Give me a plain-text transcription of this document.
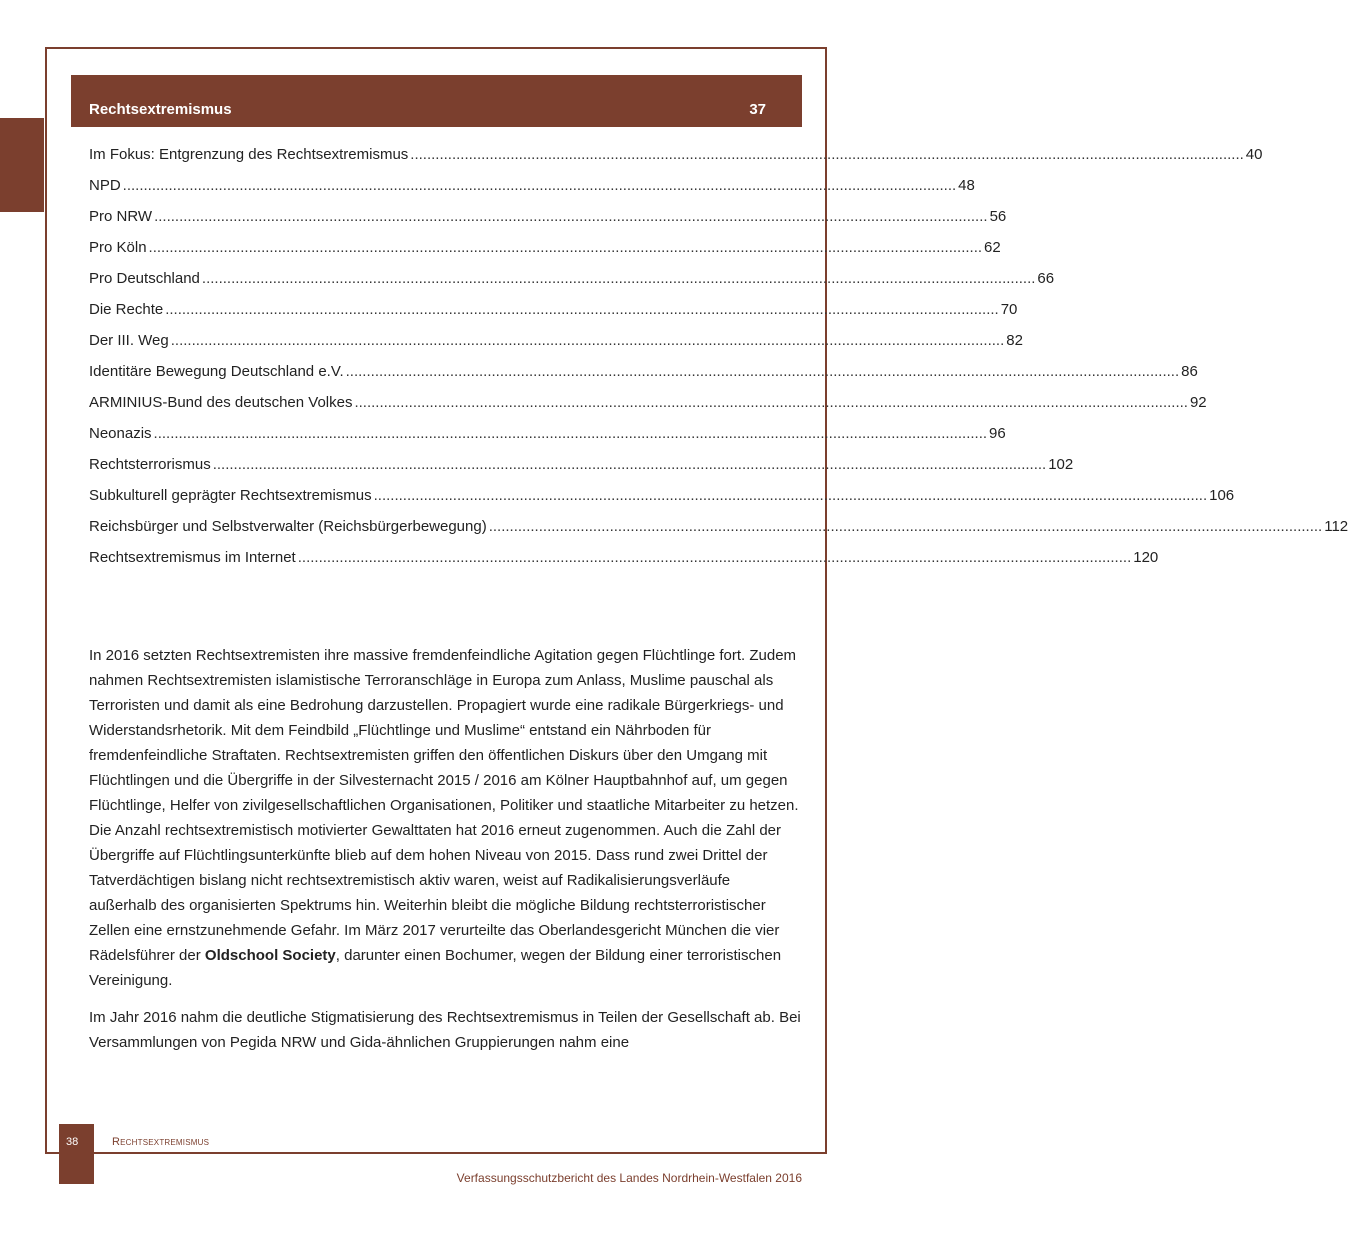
Rechtsextremismus	37
Im Fokus: Entgrenzung des Rechtsextremismus ........................................................................................................................................................................................................ 40
NPD ........................................................................................................................................................................................................ 48
Pro NRW ........................................................................................................................................................................................................ 56
Pro Köln ........................................................................................................................................................................................................ 62
Pro Deutschland ........................................................................................................................................................................................................ 66
Die Rechte ........................................................................................................................................................................................................ 70
Der III. Weg ........................................................................................................................................................................................................ 82
Identitäre Bewegung Deutschland e.V. ........................................................................................................................................................................................................ 86
ARMINIUS-Bund des deutschen Volkes ........................................................................................................................................................................................................ 92
Neonazis ........................................................................................................................................................................................................ 96
Rechtsterrorismus ........................................................................................................................................................................................................ 102
Subkulturell geprägter Rechtsextremismus ........................................................................................................................................................................................................ 106
Reichsbürger und Selbstverwalter (Reichsbürgerbewegung) ........................................................................................................................................................................................................ 112
Rechtsextremismus im Internet ........................................................................................................................................................................................................ 120

In 2016 setzten Rechtsextremisten ihre massive fremdenfeindliche Agitation gegen Flüchtlinge fort. Zudem nahmen Rechtsextremisten islamistische Terroranschläge in Europa zum Anlass, Muslime pauschal als Terroristen und damit als eine Bedrohung darzustellen. Propagiert wurde eine radikale Bürgerkriegs- und Widerstandsrhetorik. Mit dem Feindbild „Flüchtlinge und Muslime“ entstand ein Nährboden für fremdenfeindliche Straftaten. Rechtsextremisten griffen den öffentlichen Diskurs über den Umgang mit Flüchtlingen und die Übergriffe in der Silvesternacht 2015 / 2016 am Kölner Hauptbahnhof auf, um gegen Flüchtlinge, Helfer von zivilgesellschaftlichen Organisationen, Politiker und staatliche Mitarbeiter zu hetzen. Die Anzahl rechtsextremistisch motivierter Gewalttaten hat 2016 erneut zugenommen. Auch die Zahl der Übergriffe auf Flüchtlingsunterkünfte blieb auf dem hohen Niveau von 2015. Dass rund zwei Drittel der Tatverdächtigen bislang nicht rechtsextremistisch aktiv waren, weist auf Radikalisierungsverläufe außerhalb des organisierten Spektrums hin. Weiterhin bleibt die mögliche Bildung rechtsterroristischer Zellen eine ernstzunehmende Gefahr. Im März 2017 verurteilte das Oberlandesgericht München die vier Rädelsführer der Oldschool Society, darunter einen Bochumer, wegen der Bildung einer terroristischen Vereinigung.

Im Jahr 2016 nahm die deutliche Stigmatisierung des Rechtsextremismus in Teilen der Gesellschaft ab. Bei Versammlungen von Pegida NRW und Gida-ähnlichen Gruppierungen nahm eine

38	Rechtsextremismus
Verfassungsschutzbericht des Landes Nordrhein-Westfalen 2016
